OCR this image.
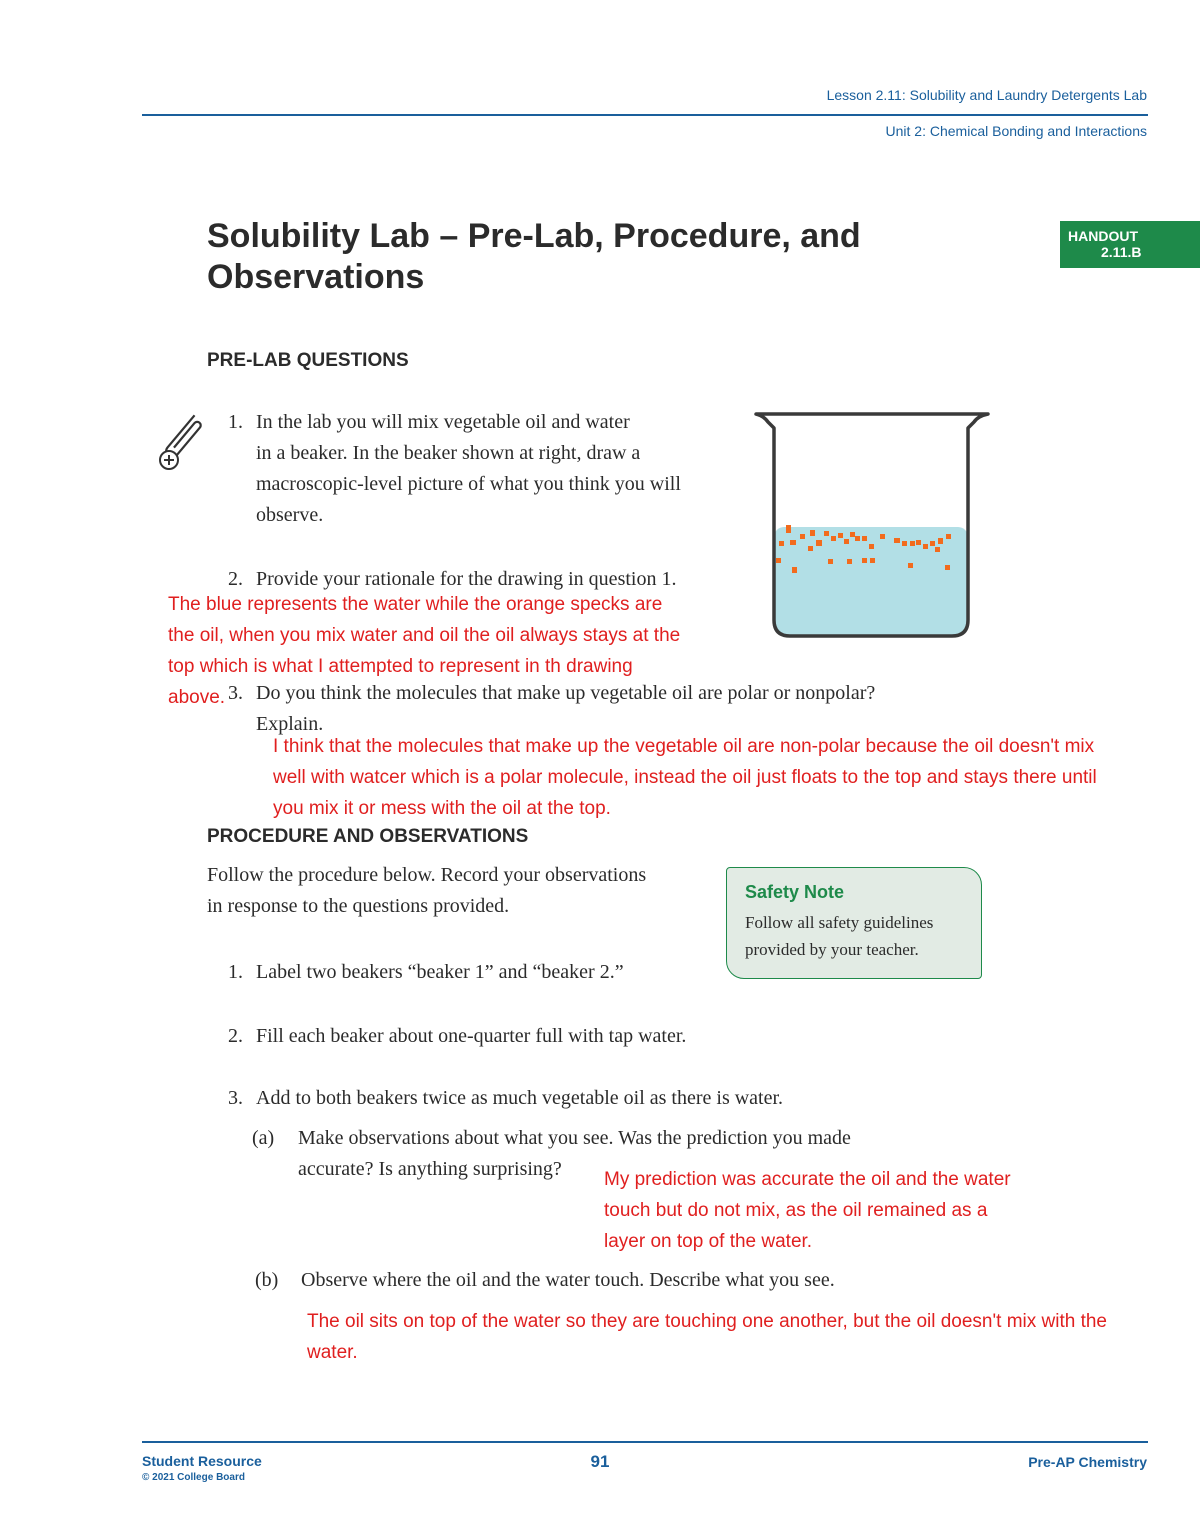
Lesson 2.11: Solubility and Laundry Detergents Lab
Unit 2: Chemical Bonding and Interactions
Solubility Lab – Pre-Lab, Procedure, and
Observations
HANDOUT
2.11.B
PRE-LAB QUESTIONS
1. In the lab you will mix vegetable oil and water
in a beaker. In the beaker shown at right, draw a
macroscopic-level picture of what you think you will
observe.
2. Provide your rationale for the drawing in question 1.
The blue represents the water while the orange specks are
the oil, when you mix water and oil the oil always stays at the
top which is what I attempted to represent in th drawing
above. 3. Do you think the molecules that make up vegetable oil are polar or nonpolar?
Explain.
I think that the molecules that make up the vegetable oil are non-polar because the oil doesn't mix
well with watcer which is a polar molecule, instead the oil just floats to the top and stays there until
you mix it or mess with the oil at the top.
PROCEDURE AND OBSERVATIONS
Follow the procedure below. Record your observations
in response to the questions provided.
Safety Note
Follow all safety guidelines
provided by your teacher.
1. Label two beakers “beaker 1” and “beaker 2.”
2. Fill each beaker about one-quarter full with tap water.
3. Add to both beakers twice as much vegetable oil as there is water.
(a) Make observations about what you see. Was the prediction you made
accurate? Is anything surprising?	My prediction was accurate the oil and the water
touch but do not mix, as the oil remained as a
layer on top of the water.
(b)	Observe where the oil and the water touch. Describe what you see.
The oil sits on top of the water so they are touching one another, but the oil doesn't mix with the
water.
Student Resource
© 2021 College Board
91	Pre-AP Chemistry
